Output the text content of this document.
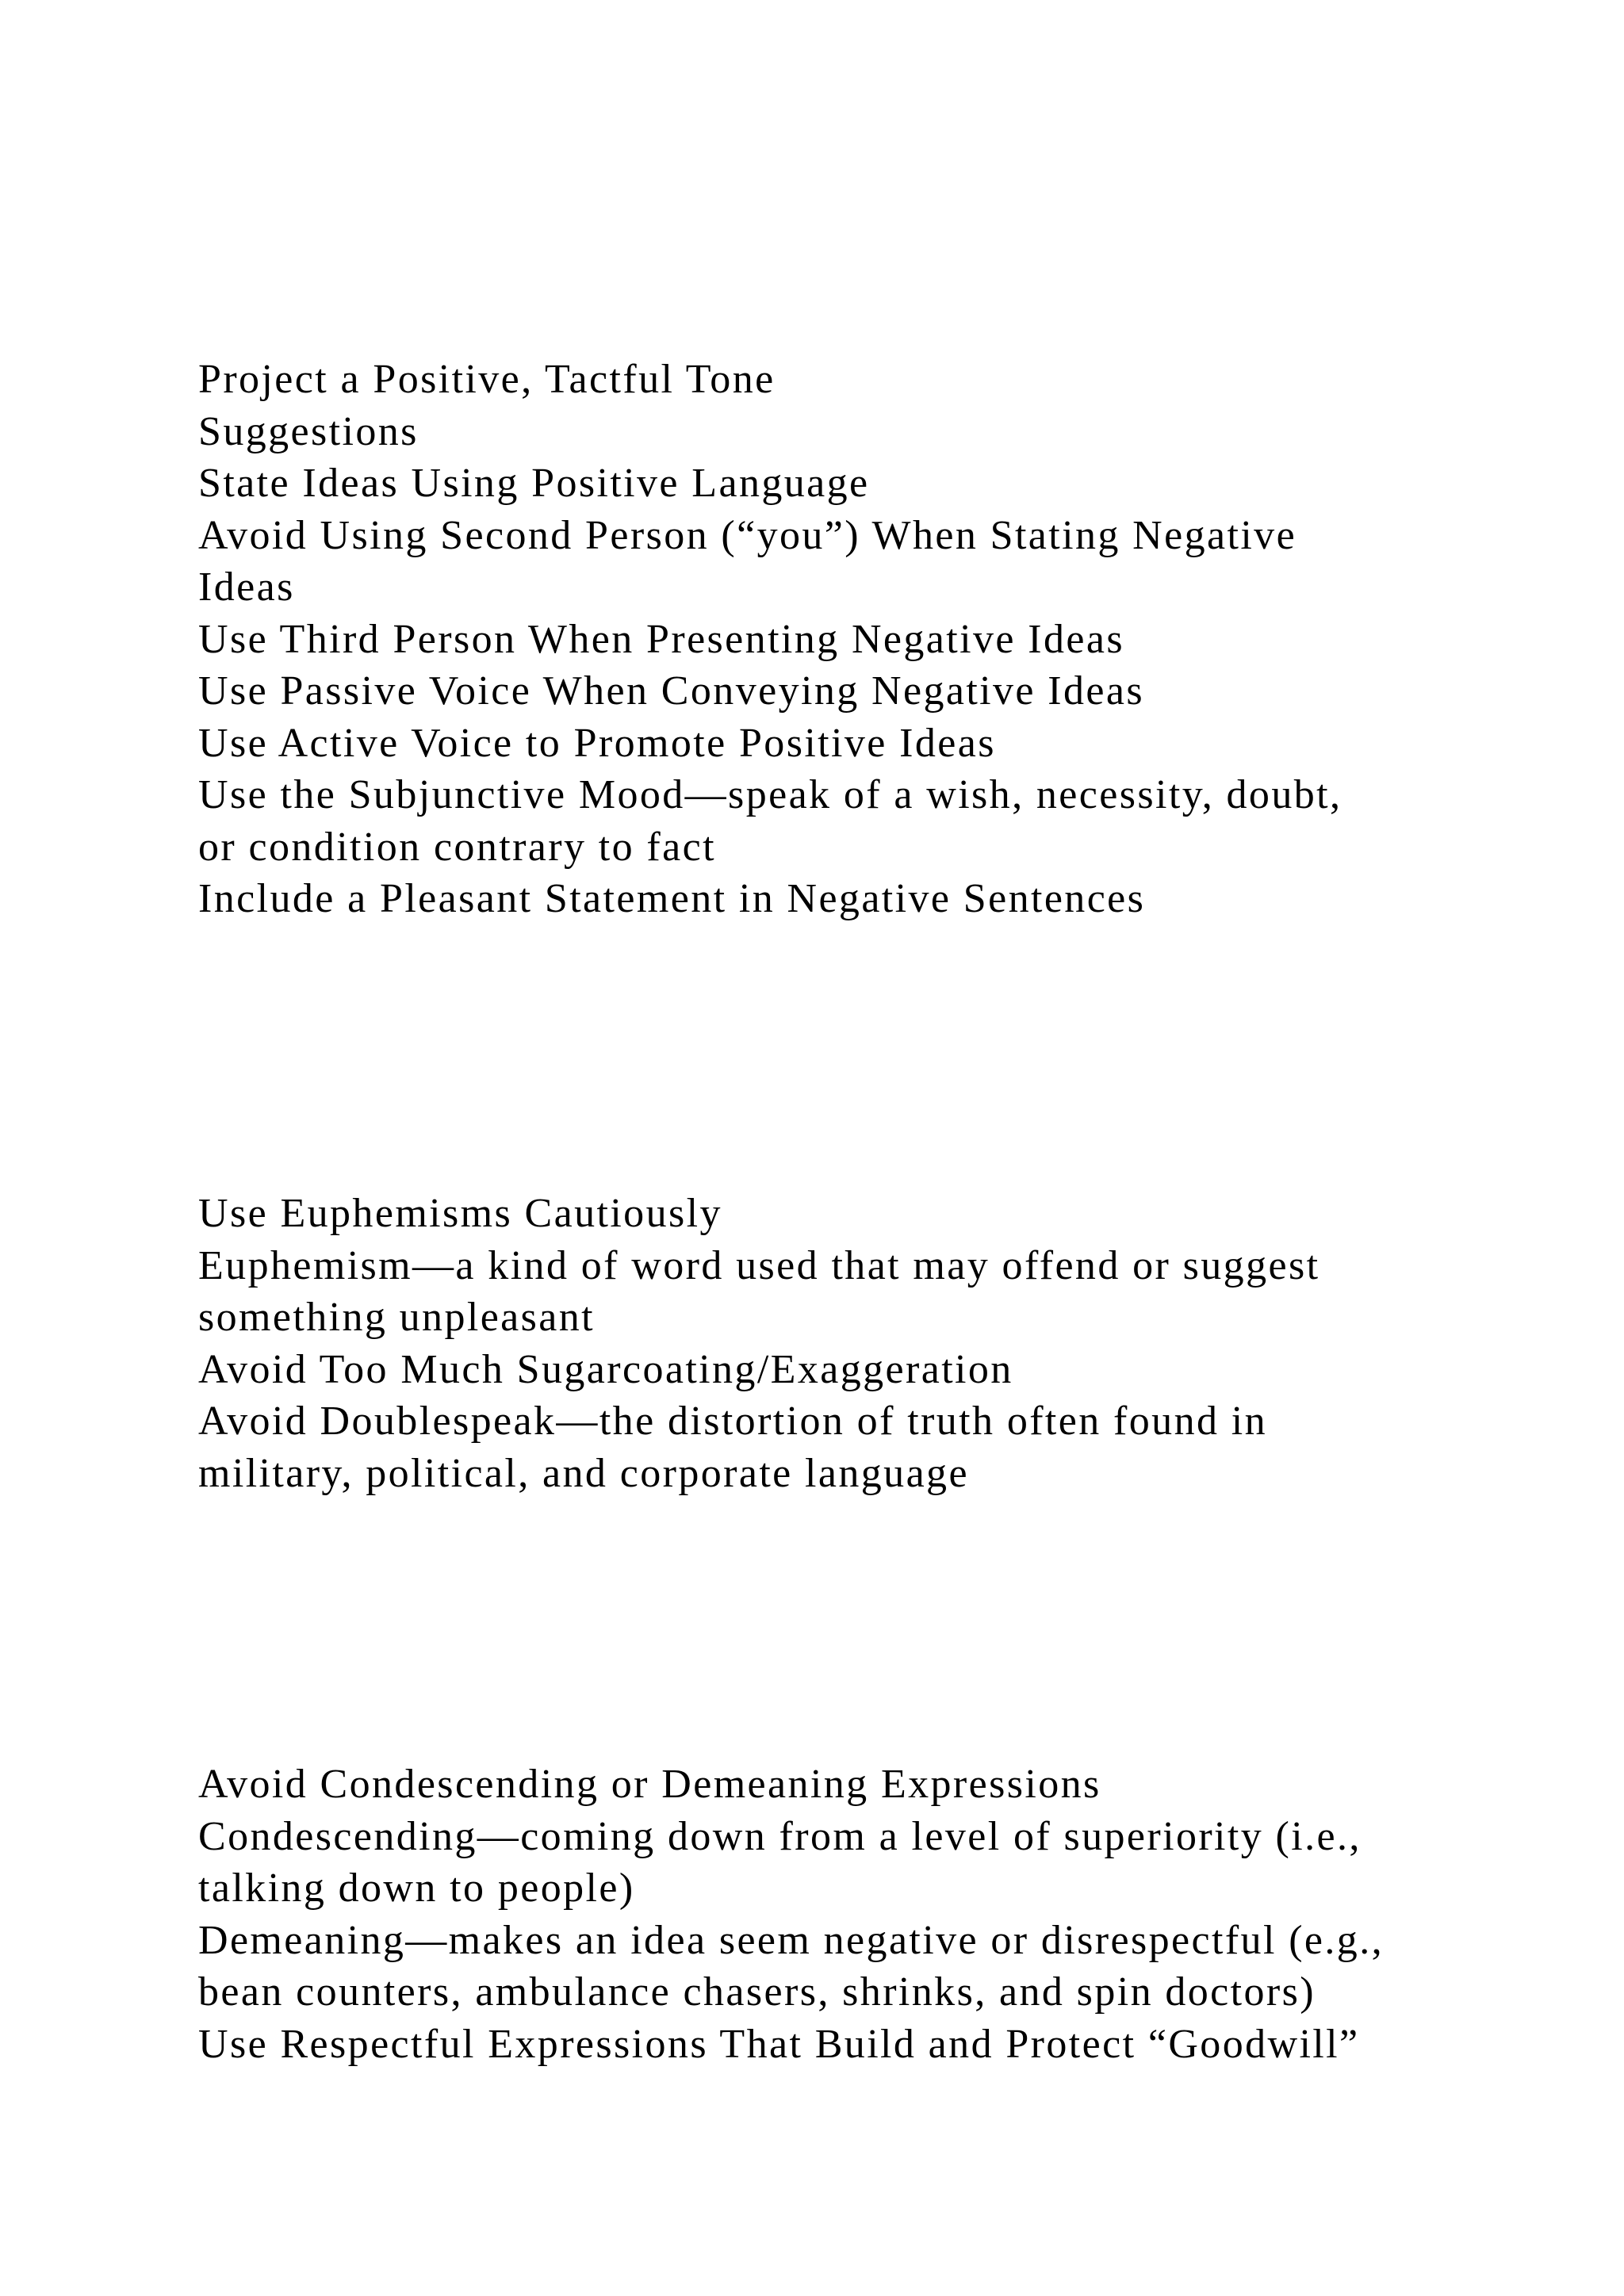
Project a Positive, Tactful Tone
Suggestions
State Ideas Using Positive Language
Avoid Using Second Person (“you”) When Stating Negative
Ideas
Use Third Person When Presenting Negative Ideas
Use Passive Voice When Conveying Negative Ideas
Use Active Voice to Promote Positive Ideas
Use the Subjunctive Mood—speak of a wish, necessity, doubt,
or condition contrary to fact
Include a Pleasant Statement in Negative Sentences
Use Euphemisms Cautiously
Euphemism—a kind of word used that may offend or suggest
something unpleasant
Avoid Too Much Sugarcoating/Exaggeration
Avoid Doublespeak—the distortion of truth often found in
military, political, and corporate language
Avoid Condescending or Demeaning Expressions
Condescending—coming down from a level of superiority (i.e.,
talking down to people)
Demeaning—makes an idea seem negative or disrespectful (e.g.,
bean counters, ambulance chasers, shrinks, and spin doctors)
Use Respectful Expressions That Build and Protect “Goodwill”
